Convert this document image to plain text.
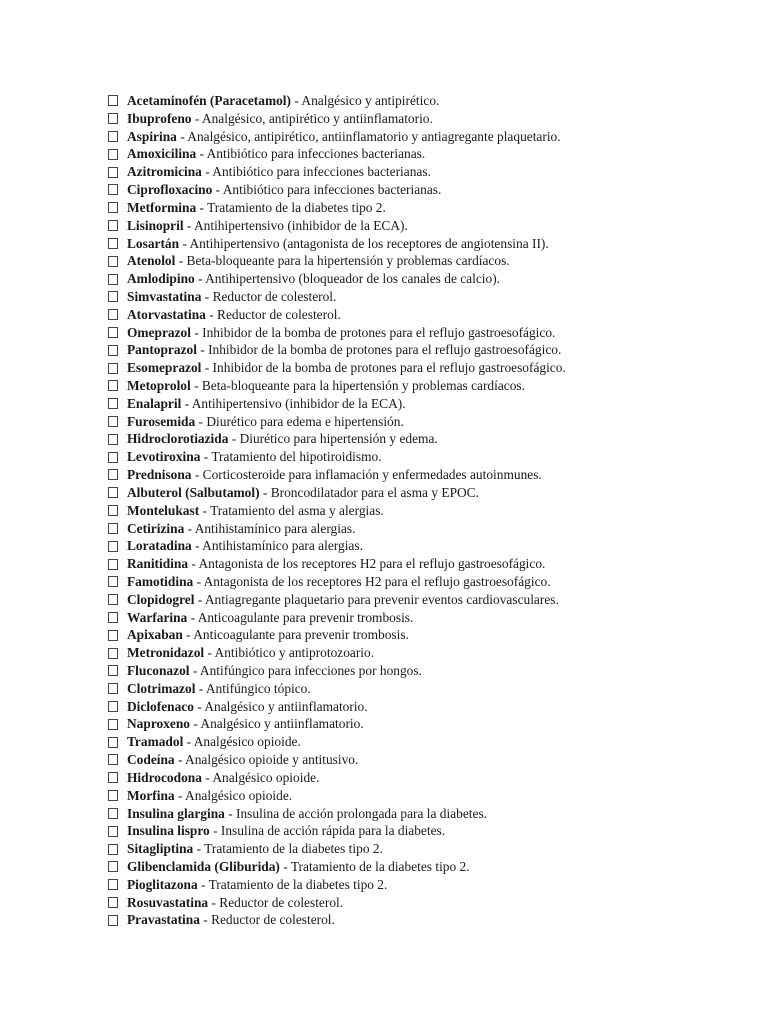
Acetaminofén (Paracetamol) - Analgésico y antipirético.
Ibuprofeno - Analgésico, antipirético y antiinflamatorio.
Aspirina - Analgésico, antipirético, antiinflamatorio y antiagregante plaquetario.
Amoxicilina - Antibiótico para infecciones bacterianas.
Azitromicina - Antibiótico para infecciones bacterianas.
Ciprofloxacino - Antibiótico para infecciones bacterianas.
Metformina - Tratamiento de la diabetes tipo 2.
Lisinopril - Antihipertensivo (inhibidor de la ECA).
Losartán - Antihipertensivo (antagonista de los receptores de angiotensina II).
Atenolol - Beta-bloqueante para la hipertensión y problemas cardíacos.
Amlodipino - Antihipertensivo (bloqueador de los canales de calcio).
Simvastatina - Reductor de colesterol.
Atorvastatina - Reductor de colesterol.
Omeprazol - Inhibidor de la bomba de protones para el reflujo gastroesofágico.
Pantoprazol - Inhibidor de la bomba de protones para el reflujo gastroesofágico.
Esomeprazol - Inhibidor de la bomba de protones para el reflujo gastroesofágico.
Metoprolol - Beta-bloqueante para la hipertensión y problemas cardíacos.
Enalapril - Antihipertensivo (inhibidor de la ECA).
Furosemida - Diurético para edema e hipertensión.
Hidroclorotiazida - Diurético para hipertensión y edema.
Levotiroxina - Tratamiento del hipotiroidismo.
Prednisona - Corticosteroide para inflamación y enfermedades autoinmunes.
Albuterol (Salbutamol) - Broncodilatador para el asma y EPOC.
Montelukast - Tratamiento del asma y alergias.
Cetirizina - Antihistamínico para alergias.
Loratadina - Antihistamínico para alergias.
Ranitidina - Antagonista de los receptores H2 para el reflujo gastroesofágico.
Famotidina - Antagonista de los receptores H2 para el reflujo gastroesofágico.
Clopidogrel - Antiagregante plaquetario para prevenir eventos cardiovasculares.
Warfarina - Anticoagulante para prevenir trombosis.
Apixaban - Anticoagulante para prevenir trombosis.
Metronidazol - Antibiótico y antiprotozoario.
Fluconazol - Antifúngico para infecciones por hongos.
Clotrimazol - Antifúngico tópico.
Diclofenaco - Analgésico y antiinflamatorio.
Naproxeno - Analgésico y antiinflamatorio.
Tramadol - Analgésico opioide.
Codeína - Analgésico opioide y antitusivo.
Hidrocodona - Analgésico opioide.
Morfina - Analgésico opioide.
Insulina glargina - Insulina de acción prolongada para la diabetes.
Insulina lispro - Insulina de acción rápida para la diabetes.
Sitagliptina - Tratamiento de la diabetes tipo 2.
Glibenclamida (Gliburida) - Tratamiento de la diabetes tipo 2.
Pioglitazona - Tratamiento de la diabetes tipo 2.
Rosuvastatina - Reductor de colesterol.
Pravastatina - Reductor de colesterol.
